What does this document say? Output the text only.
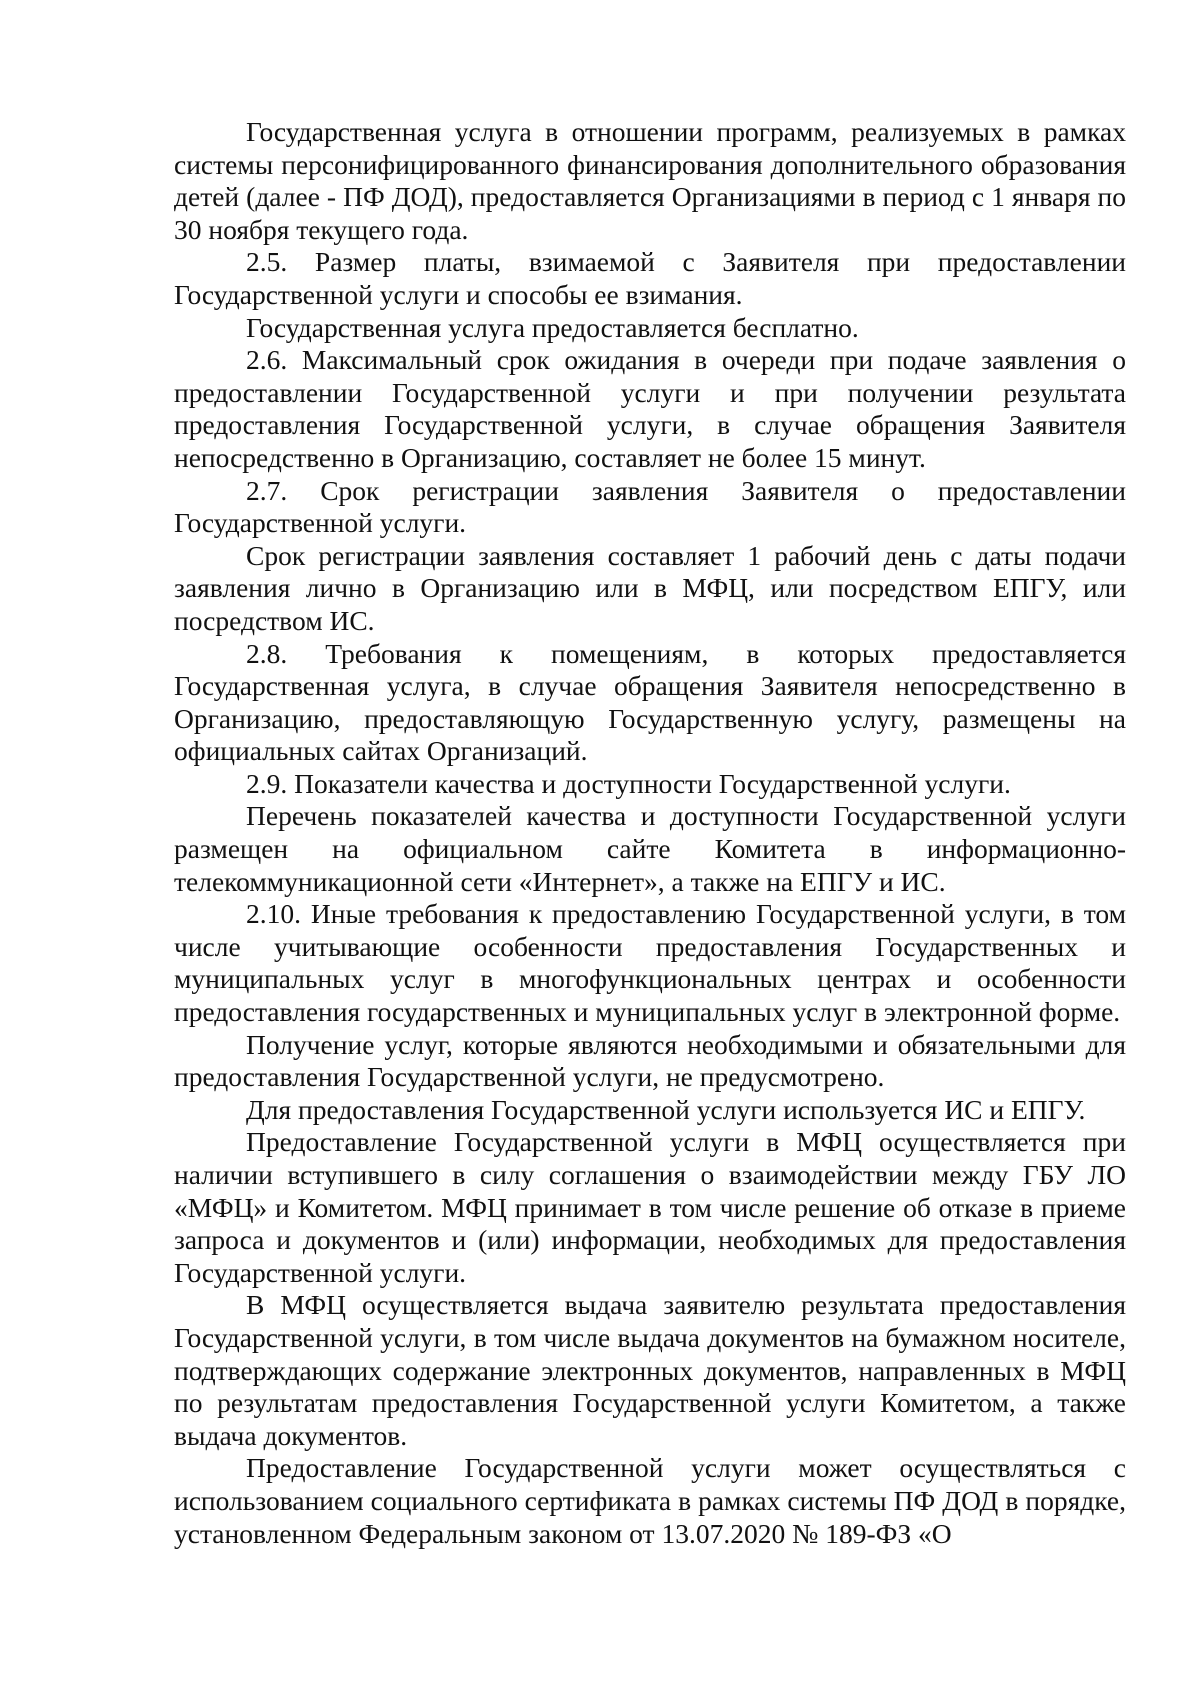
Государственная услуга в отношении программ, реализуемых в рамках системы персонифицированного финансирования дополнительного образования детей (далее - ПФ ДОД), предоставляется Организациями в период с 1 января по 30 ноября текущего года.

2.5. Размер платы, взимаемой с Заявителя при предоставлении Государственной услуги и способы ее взимания.

Государственная услуга предоставляется бесплатно.

2.6. Максимальный срок ожидания в очереди при подаче заявления о предоставлении Государственной услуги и при получении результата предоставления Государственной услуги, в случае обращения Заявителя непосредственно в Организацию, составляет не более 15 минут.

2.7. Срок регистрации заявления Заявителя о предоставлении Государственной услуги.

Срок регистрации заявления составляет 1 рабочий день с даты подачи заявления лично в Организацию или в МФЦ, или посредством ЕПГУ, или посредством ИС.

2.8. Требования к помещениям, в которых предоставляется Государственная услуга, в случае обращения Заявителя непосредственно в Организацию, предоставляющую Государственную услугу, размещены на официальных сайтах Организаций.

2.9. Показатели качества и доступности Государственной услуги.

Перечень показателей качества и доступности Государственной услуги размещен на официальном сайте Комитета в информационно-телекоммуникационной сети «Интернет», а также на ЕПГУ и ИС.

2.10. Иные требования к предоставлению Государственной услуги, в том числе учитывающие особенности предоставления Государственных и муниципальных услуг в многофункциональных центрах и особенности предоставления государственных и муниципальных услуг в электронной форме.

Получение услуг, которые являются необходимыми и обязательными для предоставления Государственной услуги, не предусмотрено.

Для предоставления Государственной услуги используется ИС и ЕПГУ.

Предоставление Государственной услуги в МФЦ осуществляется при наличии вступившего в силу соглашения о взаимодействии между ГБУ ЛО «МФЦ» и Комитетом. МФЦ принимает в том числе решение об отказе в приеме запроса и документов и (или) информации, необходимых для предоставления Государственной услуги.

В МФЦ осуществляется выдача заявителю результата предоставления Государственной услуги, в том числе выдача документов на бумажном носителе, подтверждающих содержание электронных документов, направленных в МФЦ по результатам предоставления Государственной услуги Комитетом, а также выдача документов.

Предоставление Государственной услуги может осуществляться с использованием социального сертификата в рамках системы ПФ ДОД в порядке, установленном Федеральным законом от 13.07.2020 № 189-ФЗ «О
